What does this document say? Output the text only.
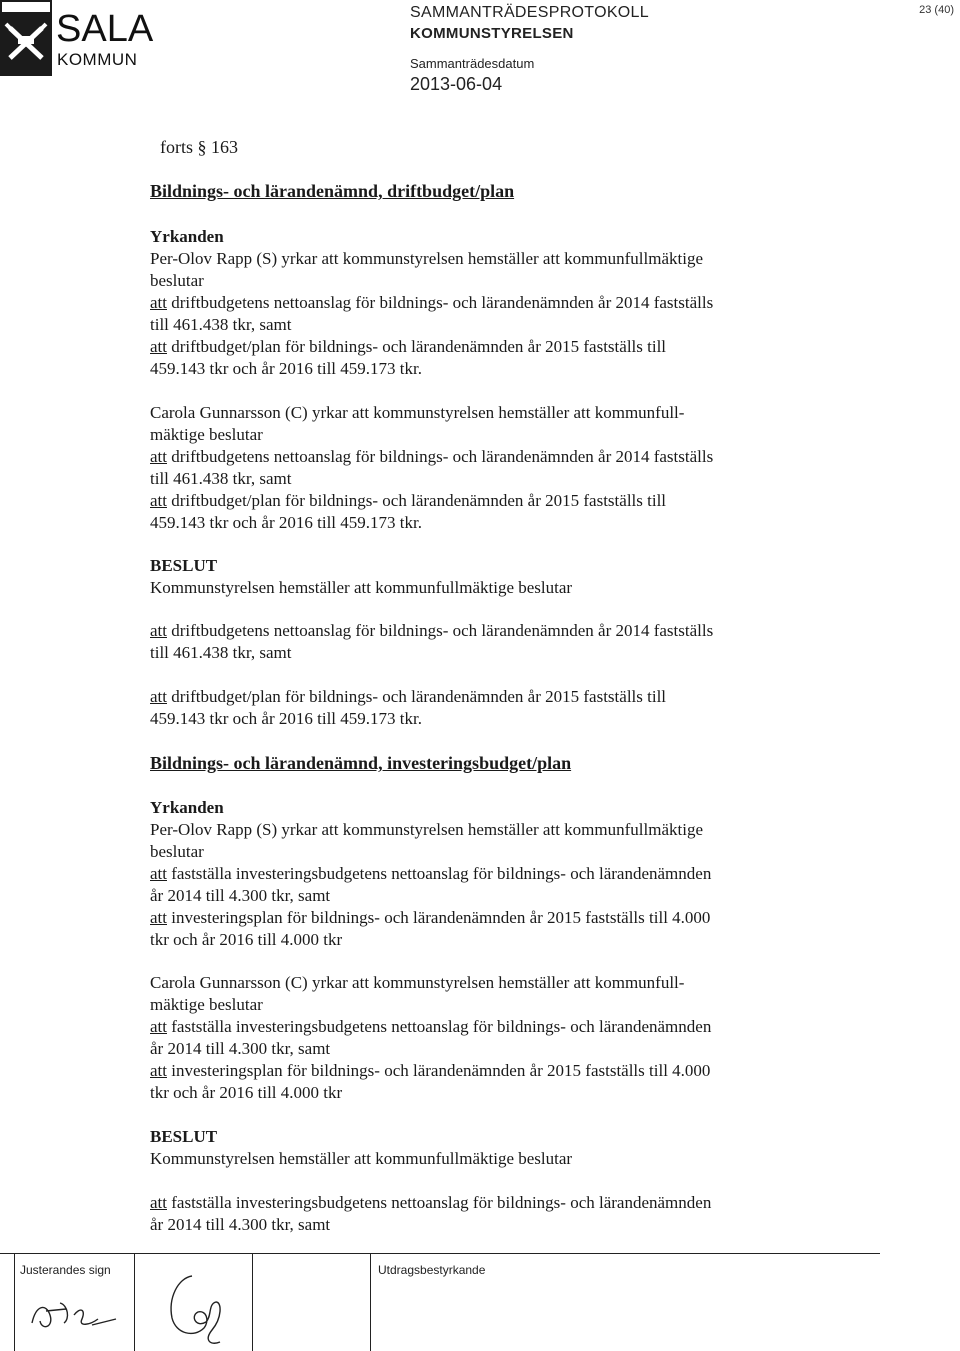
SALA
KOMMUN
SAMMANTRÄDESPROTOKOLL
KOMMUNSTYRELSEN
Sammanträdesdatum
2013-06-04
23 (40)
forts § 163
Bildnings- och lärandenämnd, driftbudget/plan
Yrkanden
Per-Olov Rapp (S) yrkar att kommunstyrelsen hemställer att kommunfullmäktige
beslutar
att driftbudgetens nettoanslag för bildnings- och lärandenämnden år 2014 fastställs
till 461.438 tkr, samt
att driftbudget/plan för bildnings- och lärandenämnden år 2015 fastställs till
459.143 tkr och år 2016 till 459.173 tkr.
Carola Gunnarsson (C) yrkar att kommunstyrelsen hemställer att kommunfull-
mäktige beslutar
att driftbudgetens nettoanslag för bildnings- och lärandenämnden år 2014 fastställs
till 461.438 tkr, samt
att driftbudget/plan för bildnings- och lärandenämnden år 2015 fastställs till
459.143 tkr och år 2016 till 459.173 tkr.
BESLUT
Kommunstyrelsen hemställer att kommunfullmäktige beslutar
att driftbudgetens nettoanslag för bildnings- och lärandenämnden år 2014 fastställs
till 461.438 tkr, samt
att driftbudget/plan för bildnings- och lärandenämnden år 2015 fastställs till
459.143 tkr och år 2016 till 459.173 tkr.
Bildnings- och lärandenämnd, investeringsbudget/plan
Yrkanden
Per-Olov Rapp (S) yrkar att kommunstyrelsen hemställer att kommunfullmäktige
beslutar
att fastställa investeringsbudgetens nettoanslag för bildnings- och lärandenämnden
år 2014 till 4.300 tkr, samt
att investeringsplan för bildnings- och lärandenämnden år 2015 fastställs till 4.000
tkr och år 2016 till 4.000 tkr
Carola Gunnarsson (C) yrkar att kommunstyrelsen hemställer att kommunfull-
mäktige beslutar
att fastställa investeringsbudgetens nettoanslag för bildnings- och lärandenämnden
år 2014 till 4.300 tkr, samt
att investeringsplan för bildnings- och lärandenämnden år 2015 fastställs till 4.000
tkr och år 2016 till 4.000 tkr
BESLUT
Kommunstyrelsen hemställer att kommunfullmäktige beslutar
att fastställa investeringsbudgetens nettoanslag för bildnings- och lärandenämnden
år 2014 till 4.300 tkr, samt
Justerandes sign	Utdragsbestyrkande
